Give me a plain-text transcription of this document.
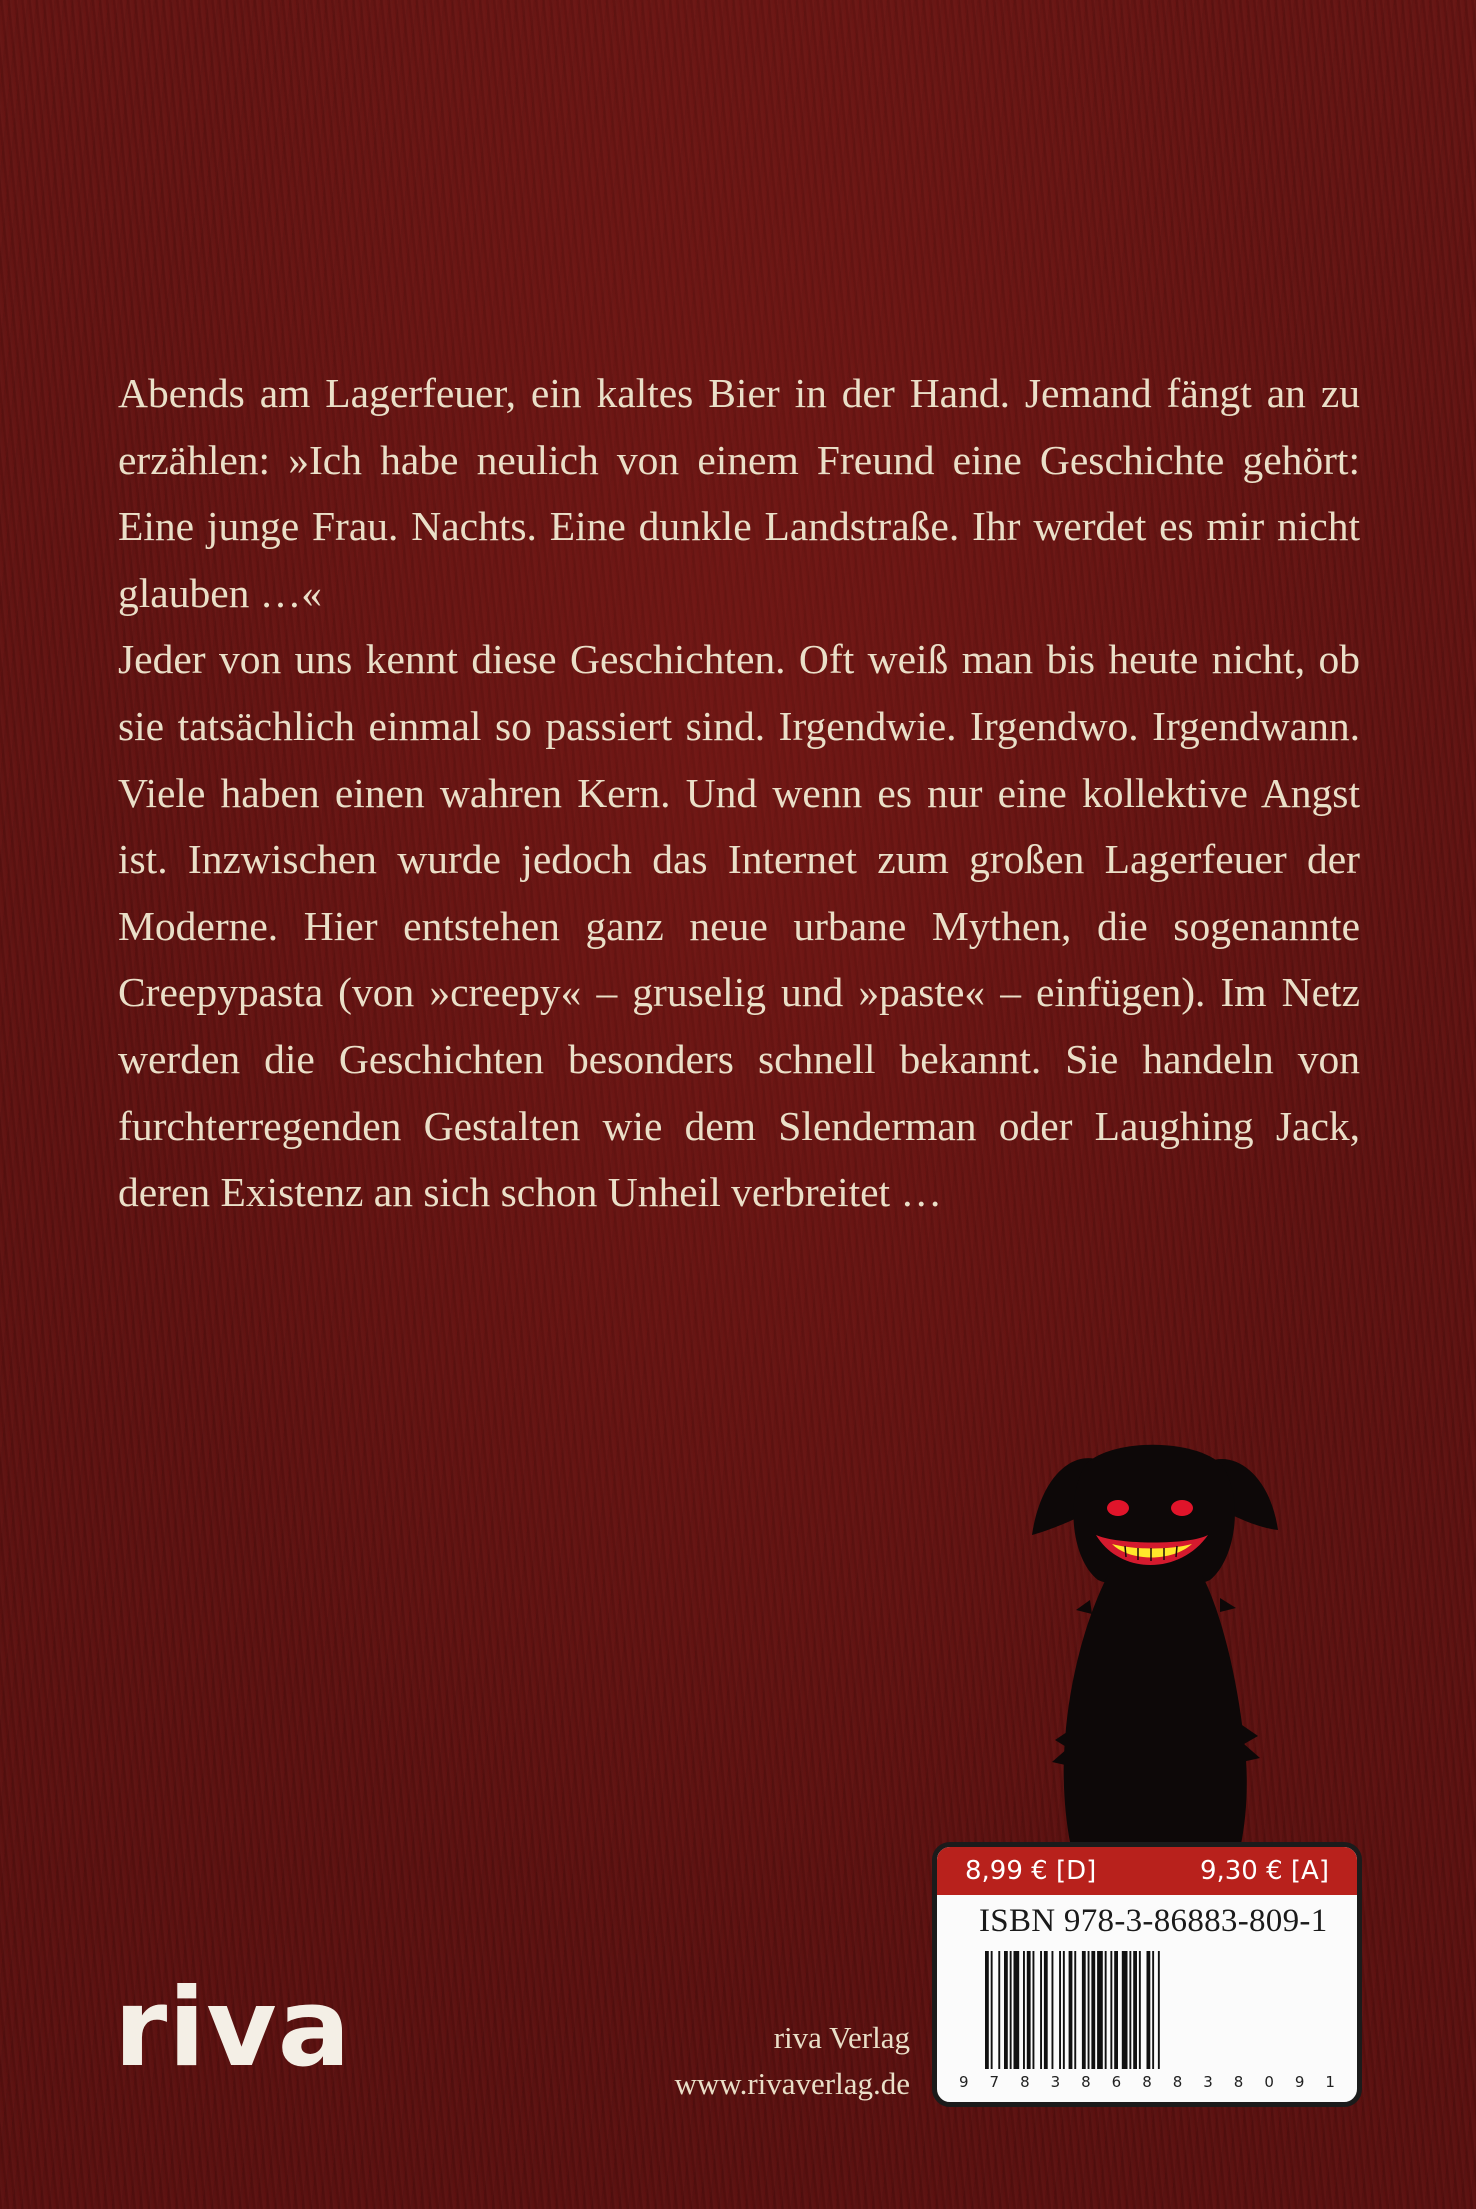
Abends am Lagerfeuer, ein kaltes Bier in der Hand. Jemand fängt an zu erzählen: »Ich habe neulich von einem Freund eine Geschichte gehört: Eine junge Frau. Nachts. Eine dunkle Landstraße. Ihr werdet es mir nicht glauben …«

Jeder von uns kennt diese Geschichten. Oft weiß man bis heute nicht, ob sie tatsächlich einmal so passiert sind. Irgendwie. Irgendwo. Irgendwann. Viele haben einen wahren Kern. Und wenn es nur eine kollektive Angst ist. Inzwischen wurde jedoch das Internet zum großen Lagerfeuer der Moderne. Hier entstehen ganz neue urbane Mythen, die sogenannte Creepypasta (von »creepy« – gruselig und »paste« – einfügen). Im Netz werden die Geschichten besonders schnell bekannt. Sie handeln von furchterregenden Gestalten wie dem Slenderman oder Laughing Jack, deren Existenz an sich schon Unheil verbreitet …

8,99 € [D]	9,30 € [A]
ISBN 978-3-86883-809-1
9 7 8 3 8 6 8 8 3 8 0 9 1
riva	riva Verlag
www.rivaverlag.de
